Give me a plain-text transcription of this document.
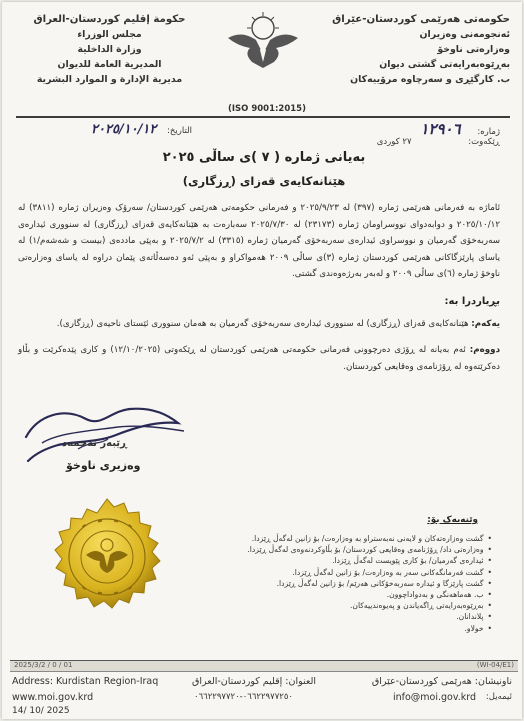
حکومەتی هەرێمی کوردستان-عێراق
ئەنجومەنی وەزیران
وەزارەتی ناوخۆ
بەڕێوەبەرایەتی گشتی دیوان
ب. کارگێڕی و سەرچاوە مرۆییەکان
حكومة إقليم كوردستان-العراق
مجلس الوزراء
وزارة الداخلية
المديرية العامة للديوان
مديرية الإدارة و الموارد البشرية
(ISO 9001:2015)
ژمارە: ١٢٩٠٦
ڕێکەوت: ٢٧ کوردی
التاريخ: ٢٠٢٥/١٠/١٢
بەیانی ژمارە ( ٧ )ی ساڵی ٢٠٢٥
هێنانەکایەی قەزای (ڕزگاری)
ئاماژە بە فەرمانی هەرێمی ژمارە (٣٩٧) لە ٢٠٢٥/٩/٢٣ و فەرمانی حکومەتی هەرێمی کوردستان/ سەرۆک وەزیران ژمارە (٣٨١١) لە ٢٠٢٥/١٠/١٢ و دوابەدوای نووسراومان ژمارە (٢٣١٧٣) لە ٢٠٢٥/٧/٣٠ سەبارەت بە هێنانەکایەی قەزای (ڕزگاری) لە سنووری ئیدارەی سەربەخۆی گەرمیان و نووسراوی ئیدارەی سەربەخۆی گەرمیان ژمارە (٣٣١٥) لە ٢٠٢٥/٧/٢ و بەپێی ماددەی (بیست و شەشەم/١) لە یاسای پارێزگاکانی هەرێمی کوردستان ژمارە (٣)ی ساڵی ٢٠٠٩ هەمواکراو و بەپێی ئەو دەسەڵاتەی پێمان دراوە لە یاسای وەزارەتی ناوخۆ ژمارە (٦)ی ساڵی ٢٠٠٩ و لەبەر بەرژەوەندی گشتی.
بڕیاردرا بە:
یەکەم: هێنانەکایەی قەزای (ڕزگاری) لە سنووری ئیدارەی سەربەخۆی گەرمیان بە هەمان سنووری ئێستای ناحیەی (ڕزگاری).
دووەم: ئەم بەیانە لە ڕۆژی دەرچوونی فەرمانی حکومەتی هەرێمی کوردستان لە ڕێکەوتی (١٢/١٠/٢٠٢٥) و کاری پێدەکرێت و بڵاو دەکرێتەوە لە ڕۆژنامەی وەقایعی کوردستان.
ڕێبەر ئەحمەد
وەزیری ناوخۆ
وێنەیەک بۆ:
• گشت وەزارەتەکان و لایەنی نەبەستراو بە وەزارەت/ بۆ زانین لەگەڵ ڕێزدا.
• وەزارەتی داد/ ڕۆژنامەی وەقایعی کوردستان/ بۆ بڵاوکردنەوەی لەگەڵ ڕێزدا.
• ئیدارەی گەرمیان/ بۆ کاری پێویست لەگەڵ ڕێزدا.
• گشت فەرمانگەکانی سەر بە وەزارەت/ بۆ زانین لەگەڵ ڕێزدا.
• گشت پارێزگا و ئیدارە سەربەخۆکانی هەرێم/ بۆ زانین لەگەڵ ڕێزدا.
• ب. هەماهەنگی و بەدواداچوون.
• بەڕێوەبەرایەتی ڕاگەیاندن و پەیوەندییەکان.
• پلاندانان.
• خولاو.
2025/3/2 / 0 / 01	(WI-04/E1)
Address: Kurdistan Region-Iraq	العنوان: إقليم كوردستان-العراق	ناونیشان: هەرێمی کوردستان-عێراق
www.moi.gov.krd	٠٦٦٢٢٩٧٧٢٥٠-٠٦٦٢٢٩٧٧٢٠	info@moi.gov.krd ئیمەیل:
14/ 10/ 2025
